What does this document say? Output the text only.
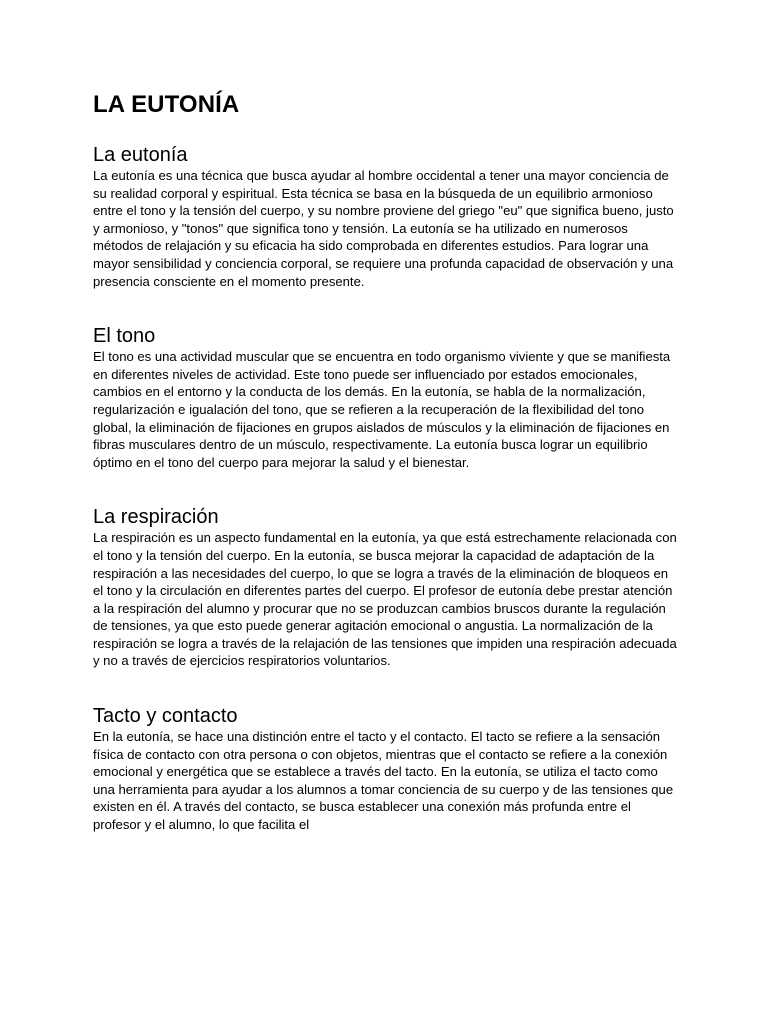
LA EUTONÍA
La eutonía

La eutonía es una técnica que busca ayudar al hombre occidental a tener una mayor conciencia de su realidad corporal y espiritual. Esta técnica se basa en la búsqueda de un equilibrio armonioso entre el tono y la tensión del cuerpo, y su nombre proviene del griego "eu" que significa bueno, justo y armonioso, y "tonos" que significa tono y tensión. La eutonía se ha utilizado en numerosos métodos de relajación y su eficacia ha sido comprobada en diferentes estudios. Para lograr una mayor sensibilidad y conciencia corporal, se requiere una profunda capacidad de observación y una presencia consciente en el momento presente.

El tono

El tono es una actividad muscular que se encuentra en todo organismo viviente y que se manifiesta en diferentes niveles de actividad. Este tono puede ser influenciado por estados emocionales, cambios en el entorno y la conducta de los demás. En la eutonía, se habla de la normalización, regularización e igualación del tono, que se refieren a la recuperación de la flexibilidad del tono global, la eliminación de fijaciones en grupos aislados de músculos y la eliminación de fijaciones en fibras musculares dentro de un músculo, respectivamente. La eutonía busca lograr un equilibrio óptimo en el tono del cuerpo para mejorar la salud y el bienestar.

La respiración

La respiración es un aspecto fundamental en la eutonía, ya que está estrechamente relacionada con el tono y la tensión del cuerpo. En la eutonía, se busca mejorar la capacidad de adaptación de la respiración a las necesidades del cuerpo, lo que se logra a través de la eliminación de bloqueos en el tono y la circulación en diferentes partes del cuerpo. El profesor de eutonía debe prestar atención a la respiración del alumno y procurar que no se produzcan cambios bruscos durante la regulación de tensiones, ya que esto puede generar agitación emocional o angustia. La normalización de la respiración se logra a través de la relajación de las tensiones que impiden una respiración adecuada y no a través de ejercicios respiratorios voluntarios.

Tacto y contacto

En la eutonía, se hace una distinción entre el tacto y el contacto. El tacto se refiere a la sensación física de contacto con otra persona o con objetos, mientras que el contacto se refiere a la conexión emocional y energética que se establece a través del tacto. En la eutonía, se utiliza el tacto como una herramienta para ayudar a los alumnos a tomar conciencia de su cuerpo y de las tensiones que existen en él. A través del contacto, se busca establecer una conexión más profunda entre el profesor y el alumno, lo que facilita el
